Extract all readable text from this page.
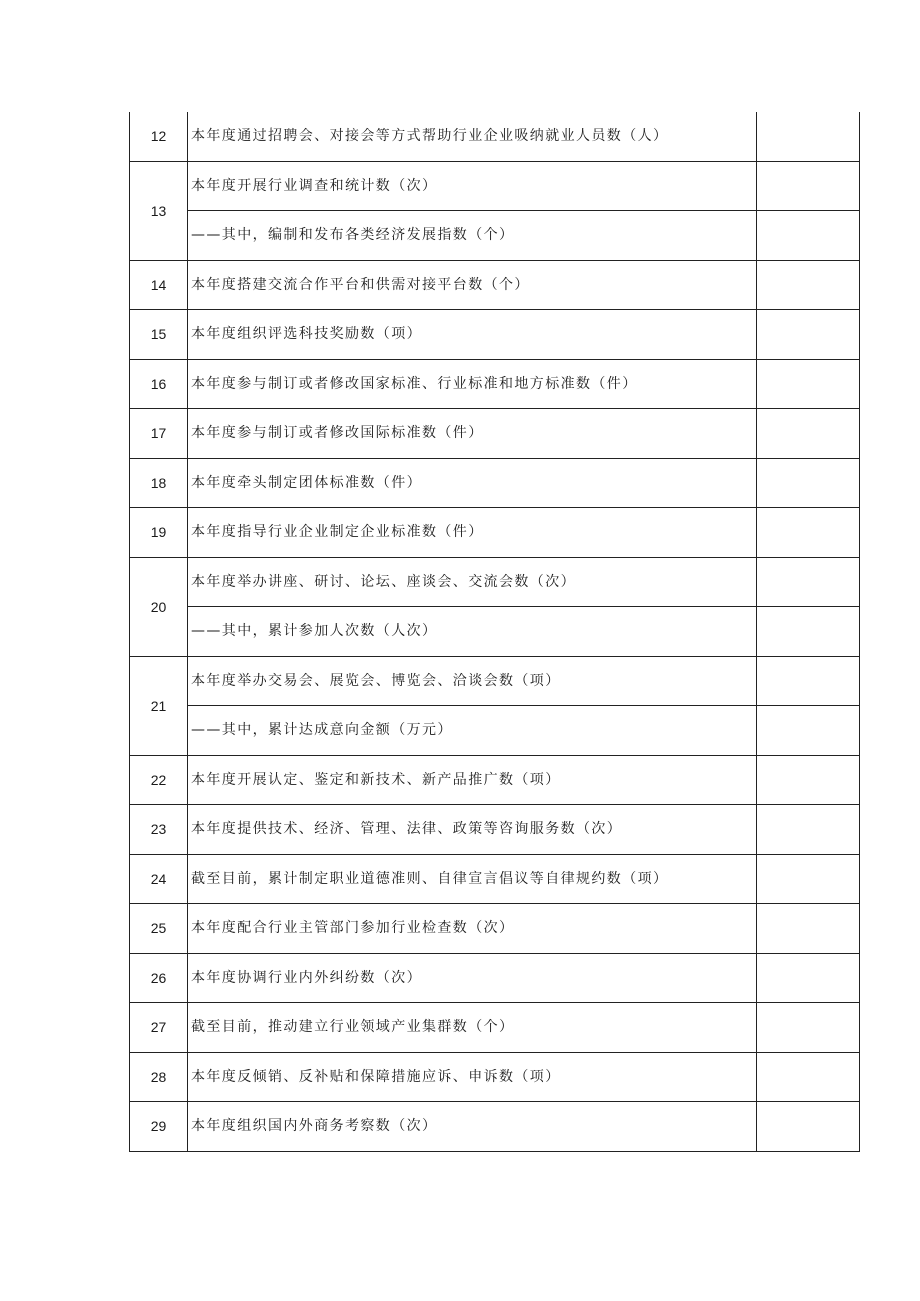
12	本年度通过招聘会、对接会等方式帮助行业企业吸纳就业人员数（人）	
13	本年度开展行业调查和统计数（次）	
	——其中，编制和发布各类经济发展指数（个）	
14	本年度搭建交流合作平台和供需对接平台数（个）	
15	本年度组织评选科技奖励数（项）	
16	本年度参与制订或者修改国家标准、行业标准和地方标准数（件）	
17	本年度参与制订或者修改国际标准数（件）	
18	本年度牵头制定团体标准数（件）	
19	本年度指导行业企业制定企业标准数（件）	
20	本年度举办讲座、研讨、论坛、座谈会、交流会数（次）	
	——其中，累计参加人次数（人次）	
21	本年度举办交易会、展览会、博览会、洽谈会数（项）	
	——其中，累计达成意向金额（万元）	
22	本年度开展认定、鉴定和新技术、新产品推广数（项）	
23	本年度提供技术、经济、管理、法律、政策等咨询服务数（次）	
24	截至目前，累计制定职业道德准则、自律宣言倡议等自律规约数（项）	
25	本年度配合行业主管部门参加行业检查数（次）	
26	本年度协调行业内外纠纷数（次）	
27	截至目前，推动建立行业领域产业集群数（个）	
28	本年度反倾销、反补贴和保障措施应诉、申诉数（项）	
29	本年度组织国内外商务考察数（次）	
